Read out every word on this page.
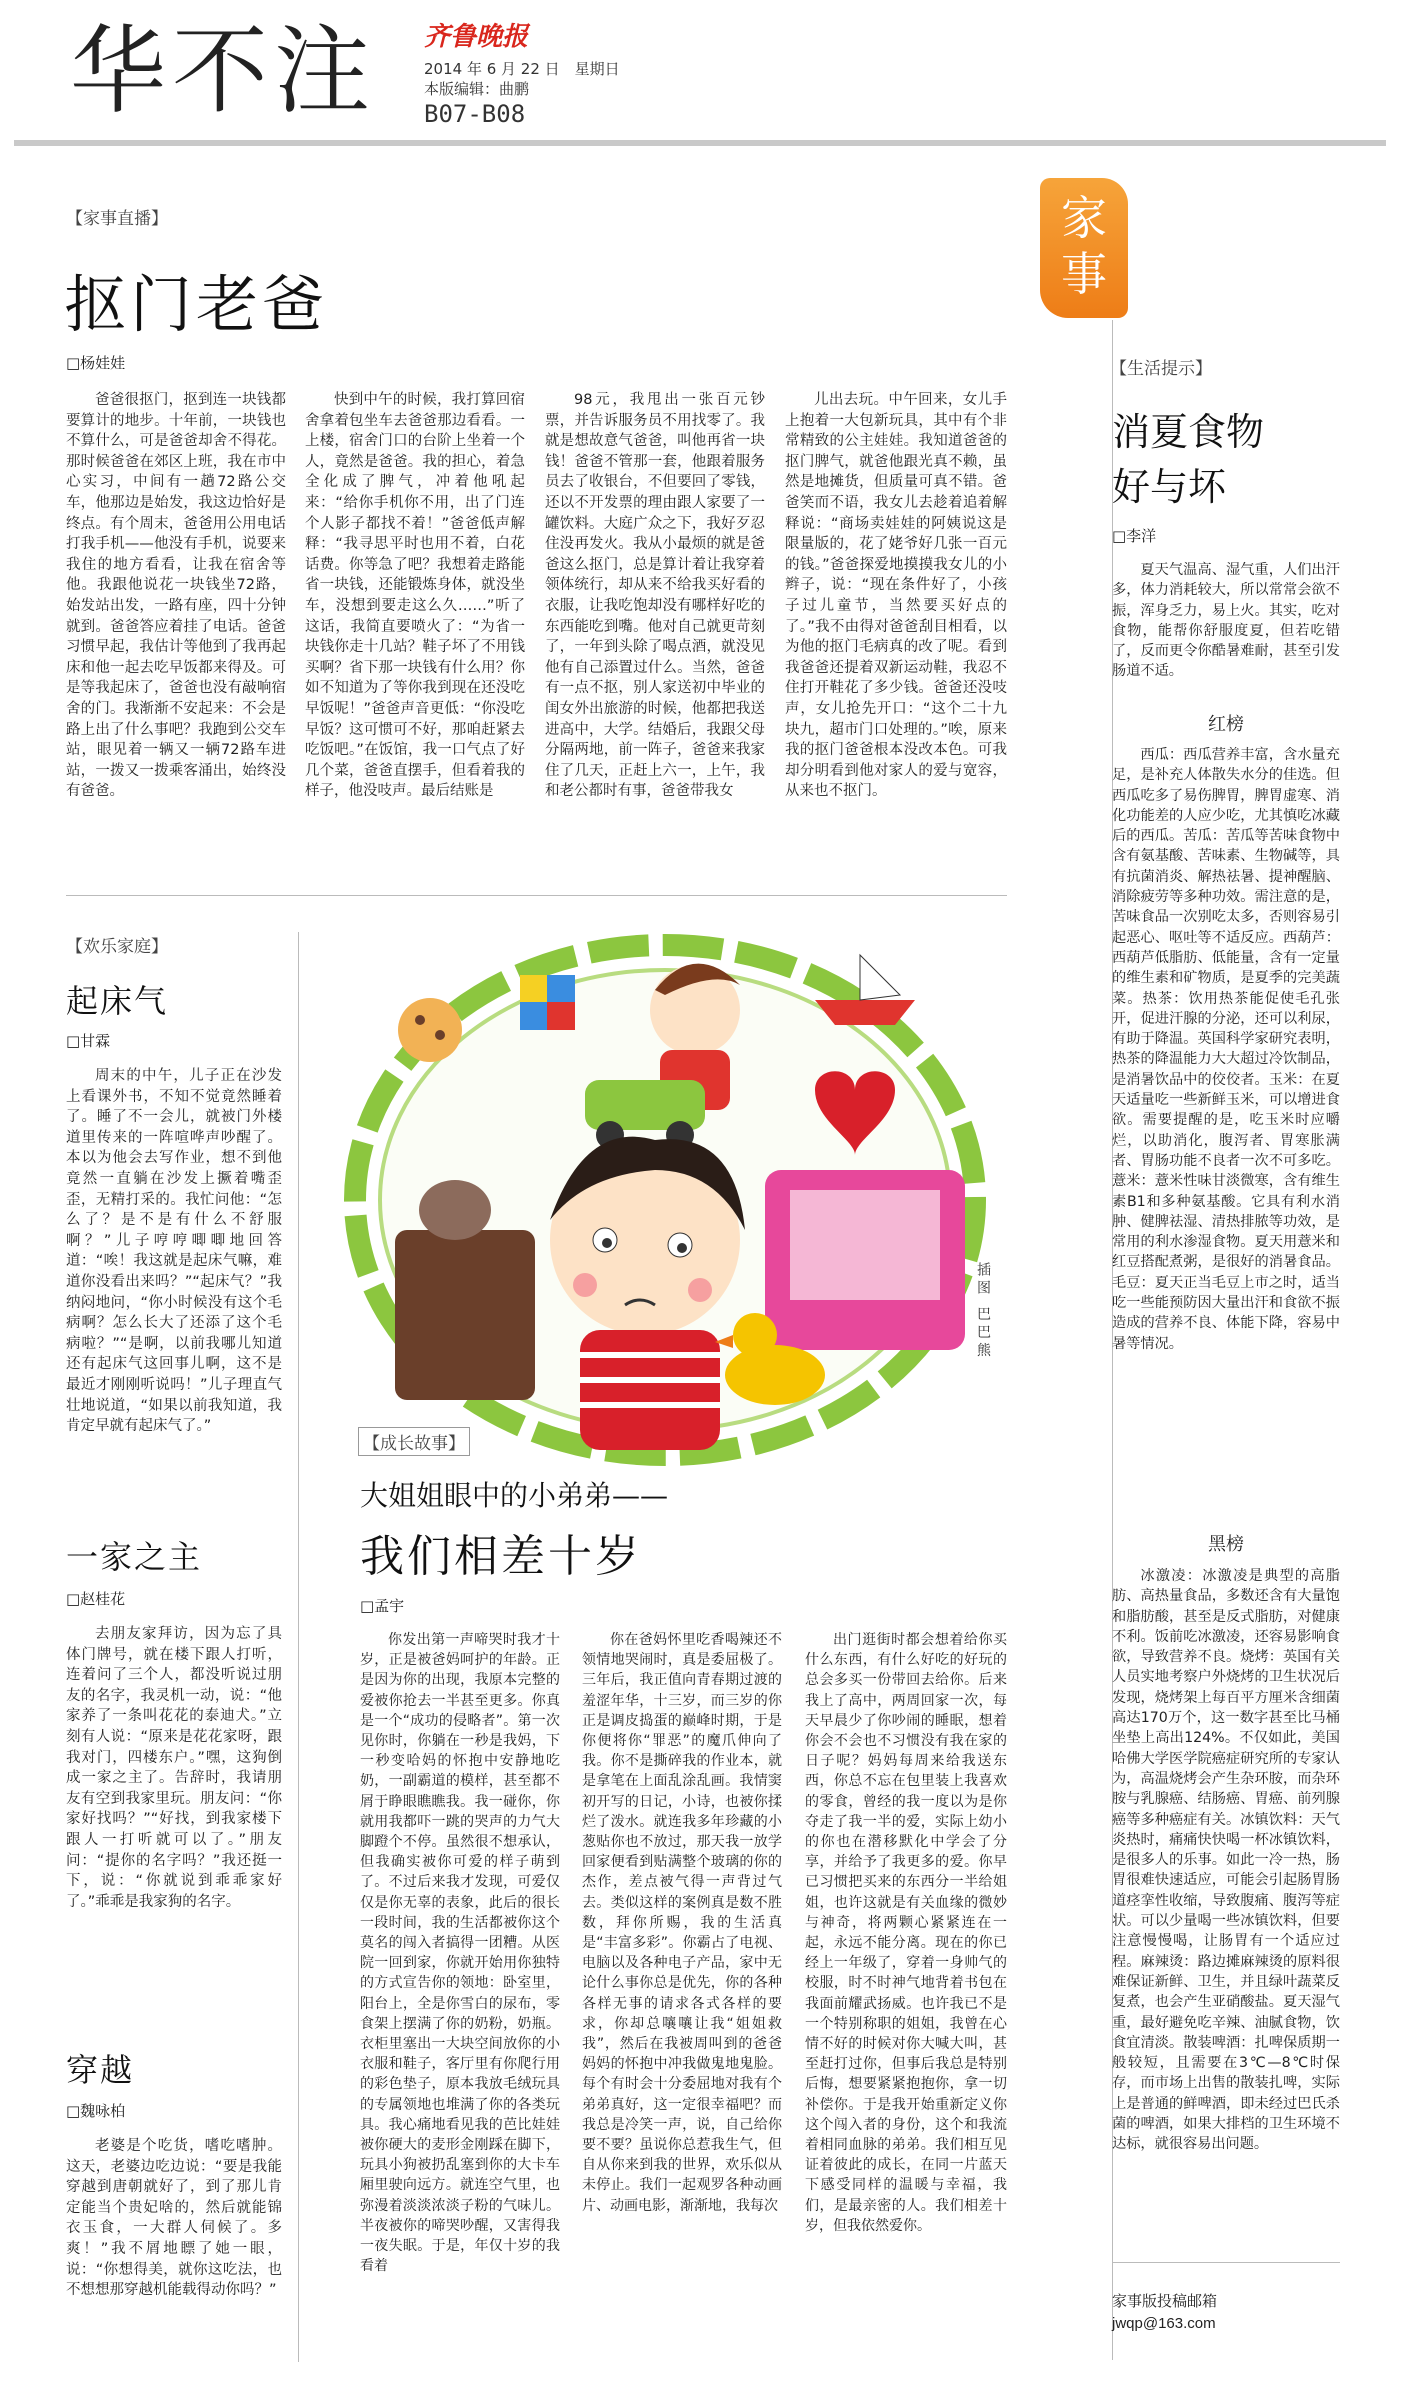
华不注 齐鲁晚报
2014 年 6 月 22 日　星期日
本版编辑：曲鹏
B07-B08
【家事直播】
抠门老爸
□杨娃娃
爸爸很抠门，抠到连一块钱都要算计的地步。十年前，一块钱也不算什么，可是爸爸却舍不得花。那时候爸爸在郊区上班，我在市中心实习，中间有一趟72路公交车，他那边是始发，我这边恰好是终点。有个周末，爸爸用公用电话打我手机——他没有手机，说要来我住的地方看看，让我在宿舍等他。我跟他说花一块钱坐72路，始发站出发，一路有座，四十分钟就到。爸爸答应着挂了电话。爸爸习惯早起，我估计等他到了我再起床和他一起去吃早饭都来得及。可是等我起床了，爸爸也没有敲响宿舍的门。我渐渐不安起来：不会是路上出了什么事吧？我跑到公交车站，眼见着一辆又一辆72路车进站，一拨又一拨乘客涌出，始终没有爸爸。
快到中午的时候，我打算回宿舍拿着包坐车去爸爸那边看看。一上楼，宿舍门口的台阶上坐着一个人，竟然是爸爸。我的担心，着急全化成了脾气，冲着他吼起来：“给你手机你不用，出了门连个人影子都找不着！”爸爸低声解释：“我寻思平时也用不着，白花话费。你等急了吧？我想着走路能省一块钱，还能锻炼身体，就没坐车，没想到要走这么久……”听了这话，我简直要喷火了：“为省一块钱你走十几站？鞋子坏了不用钱买啊？省下那一块钱有什么用？你如不知道为了等你我到现在还没吃早饭呢！”爸爸声音更低：“你没吃早饭？这可惯可不好，那咱赶紧去吃饭吧。”在饭馆，我一口气点了好几个菜，爸爸直摆手，但看着我的样子，他没吱声。最后结账是
98元，我甩出一张百元钞票，并告诉服务员不用找零了。我就是想故意气爸爸，叫他再省一块钱！爸爸不管那一套，他跟着服务员去了收银台，不但要回了零钱，还以不开发票的理由跟人家要了一罐饮料。大庭广众之下，我好歹忍住没再发火。我从小最烦的就是爸爸这么抠门，总是算计着让我穿着领体统行，却从来不给我买好看的衣服，让我吃饱却没有哪样好吃的东西能吃到嘴。他对自己就更苛刻了，一年到头除了喝点酒，就没见他有自己添置过什么。当然，爸爸有一点不抠，别人家送初中毕业的闺女外出旅游的时候，他都把我送进高中，大学。结婚后，我跟父母分隔两地，前一阵子，爸爸来我家住了几天，正赶上六一，上午，我和老公都时有事，爸爸带我女
儿出去玩。中午回来，女儿手上抱着一大包新玩具，其中有个非常精致的公主娃娃。我知道爸爸的抠门脾气，就爸他跟光真不赖，虽然是地摊货，但质量可真不错。爸爸笑而不语，我女儿去趁着追着解释说：“商场卖娃娃的阿姨说这是限量版的，花了姥爷好几张一百元的钱。”爸爸探爱地摸摸我女儿的小辫子，说：“现在条件好了，小孩子过儿童节，当然要买好点的了。”我不由得对爸爸刮目相看，以为他的抠门毛病真的改了呢。看到我爸爸还提着双新运动鞋，我忍不住打开鞋花了多少钱。爸爸还没吱声，女儿抢先开口：“这个二十九块九，超市门口处理的。”唉，原来我的抠门爸爸根本没改本色。可我却分明看到他对家人的爱与宽容，从来也不抠门。
【欢乐家庭】
起床气
□甘霖
周末的中午，儿子正在沙发上看课外书，不知不觉竟然睡着了。睡了不一会儿，就被门外楼道里传来的一阵喧哗声吵醒了。本以为他会去写作业，想不到他竟然一直躺在沙发上撅着嘴歪歪，无精打采的。我忙问他：“怎么了？是不是有什么不舒服啊？”儿子哼哼唧唧地回答道：“唉！我这就是起床气嘛，难道你没看出来吗？”“起床气？”我纳闷地问，“你小时候没有这个毛病啊？怎么长大了还添了这个毛病啦？”“是啊，以前我哪儿知道还有起床气这回事儿啊，这不是最近才刚刚听说吗！”儿子理直气壮地说道，“如果以前我知道，我肯定早就有起床气了。”
一家之主
□赵桂花
去朋友家拜访，因为忘了具体门牌号，就在楼下跟人打听，连着问了三个人，都没听说过朋友的名字，我灵机一动，说：“他家养了一条叫花花的泰迪犬。”立刻有人说：“原来是花花家呀，跟我对门，四楼东户。”嘿，这狗倒成一家之主了。告辞时，我请朋友有空到我家里玩。朋友问：“你家好找吗？”“好找，到我家楼下跟人一打听就可以了。”朋友问：“提你的名字吗？”我还挺一下，说：“你就说到乖乖家好了。”乖乖是我家狗的名字。
穿越
□魏咏柏
老婆是个吃货，嗜吃嗜肿。这天，老婆边吃边说：“要是我能穿越到唐朝就好了，到了那儿肯定能当个贵妃啥的，然后就能锦衣玉食，一大群人伺候了。多爽！”我不屑地瞟了她一眼，说：“你想得美，就你这吃法，也不想想那穿越机能载得动你吗？”
插图 巴巴熊
【成长故事】
大姐姐眼中的小弟弟——
我们相差十岁
□孟宇
你发出第一声啼哭时我才十岁，正是被爸妈呵护的年龄。正是因为你的出现，我原本完整的爱被你抢去一半甚至更多。你真是一个“成功的侵略者”。第一次见你时，你躺在一秒是我妈，下一秒变哈妈的怀抱中安静地吃奶，一副霸道的模样，甚至都不屑于睁眼瞧瞧我。我一碰你，你就用我都吓一跳的哭声的力气大脚蹬个不停。虽然很不想承认，但我确实被你可爱的样子萌到了。不过后来我才发现，可爱仅仅是你无辜的表象，此后的很长一段时间，我的生活都被你这个莫名的闯入者搞得一团糟。从医院一回到家，你就开始用你独特的方式宣告你的领地：卧室里，阳台上，全是你雪白的尿布，零食架上摆满了你的奶粉，奶瓶。衣柜里塞出一大块空间放你的小衣服和鞋子，客厅里有你爬行用的彩色垫子，原本我放毛绒玩具的专属领地也堆满了你的各类玩具。我心痛地看见我的芭比娃娃被你硬大的麦形金刚踩在脚下，玩具小狗被扔乱塞到你的大卡车厢里驶向远方。就连空气里，也弥漫着淡淡浓淡子粉的气味儿。半夜被你的啼哭吵醒，又害得我一夜失眠。于是，年仅十岁的我看着
你在爸妈怀里吃香喝辣还不领情地哭闹时，真是委屈极了。三年后，我正值向青春期过渡的羞涩年华，十三岁，而三岁的你正是调皮捣蛋的巅峰时期，于是你便将你“罪恶”的魔爪伸向了我。你不是撕碎我的作业本，就是拿笔在上面乱涂乱画。我情窦初开写的日记，小诗，也被你揉烂了泼水。就连我多年珍藏的小葱贴你也不放过，那天我一放学回家便看到贴满整个玻璃的你的杰作，差点被气得一声背过气去。类似这样的案例真是数不胜数，拜你所赐，我的生活真是“丰富多彩”。你霸占了电视、电脑以及各种电子产品，家中无论什么事你总是优先，你的各种各样无事的请求各式各样的要求，你却总嚷嚷让我“姐姐救我”，然后在我被周叫到的爸爸妈妈的怀抱中冲我做鬼地鬼脸。每个有时会十分委屈地对我有个弟弟真好，这一定很幸福吧？而我总是冷笑一声，说，自己给你要不要？虽说你总惹我生气，但自从你来到我的世界，欢乐似从未停止。我们一起观罗各种动画片、动画电影，渐渐地，我每次
出门逛街时都会想着给你买什么东西，有什么好吃的好玩的总会多买一份带回去给你。后来我上了高中，两周回家一次，每天早晨少了你吵闹的睡眠，想着你会不会也不习惯没有我在家的日子呢？妈妈每周来给我送东西，你总不忘在包里装上我喜欢的零食，曾经的我一度以为是你夺走了我一半的爱，实际上幼小的你也在潜移默化中学会了分享，并给予了我更多的爱。你早已习惯把买来的东西分一半给姐姐，也许这就是有关血缘的微妙与神奇，将两颗心紧紧连在一起，永远不能分离。现在的你已经上一年级了，穿着一身帅气的校服，时不时神气地背着书包在我面前耀武扬威。也许我已不是一个特别称职的姐姐，我曾在心情不好的时候对你大喊大叫，甚至赶打过你，但事后我总是特别后悔，想要紧紧抱抱你，拿一切补偿你。于是我开始重新定义你这个闯入者的身份，这个和我流着相同血脉的弟弟。我们相互见证着彼此的成长，在同一片蓝天下感受同样的温暖与幸福，我们，是最亲密的人。我们相差十岁，但我依然爱你。
家事
【生活提示】
消夏食物
好与坏
□李洋
夏天气温高、湿气重，人们出汗多，体力消耗较大，所以常常会欲不振，浑身乏力，易上火。其实，吃对食物，能帮你舒服度夏，但若吃错了，反而更令你酷暑难耐，甚至引发肠道不适。
红榜
西瓜：西瓜营养丰富，含水量充足，是补充人体散失水分的佳选。但西瓜吃多了易伤脾胃，脾胃虚寒、消化功能差的人应少吃，尤其慎吃冰藏后的西瓜。苦瓜：苦瓜等苦味食物中含有氨基酸、苦味素、生物碱等，具有抗菌消炎、解热祛暑、提神醒脑、消除疲劳等多种功效。需注意的是，苦味食品一次别吃太多，否则容易引起恶心、呕吐等不适反应。西葫芦：西葫芦低脂肪、低能量，含有一定量的维生素和矿物质，是夏季的完美蔬菜。热茶：饮用热茶能促使毛孔张开，促进汗腺的分泌，还可以利尿，有助于降温。英国科学家研究表明，热茶的降温能力大大超过冷饮制品，是消暑饮品中的佼佼者。玉米：在夏天适量吃一些新鲜玉米，可以增进食欲。需要提醒的是，吃玉米时应嚼烂，以助消化，腹泻者、胃寒胀满者、胃肠功能不良者一次不可多吃。薏米：薏米性味甘淡微寒，含有维生素B1和多种氨基酸。它具有利水消肿、健脾祛湿、清热排脓等功效，是常用的利水渗湿食物。夏天用薏米和红豆搭配煮粥，是很好的消暑食品。毛豆：夏天正当毛豆上市之时，适当吃一些能预防因大量出汗和食欲不振造成的营养不良、体能下降，容易中暑等情况。
黑榜
冰激凌：冰激凌是典型的高脂肪、高热量食品，多数还含有大量饱和脂肪酸，甚至是反式脂肪，对健康不利。饭前吃冰激凌，还容易影响食欲，导致营养不良。烧烤：英国有关人员实地考察户外烧烤的卫生状况后发现，烧烤架上每百平方厘米含细菌高达170万个，这一数字甚至比马桶坐垫上高出124%。不仅如此，美国哈佛大学医学院癌症研究所的专家认为，高温烧烤会产生杂环胺，而杂环胺与乳腺癌、结肠癌、胃癌、前列腺癌等多种癌症有关。冰镇饮料：天气炎热时，痛痛快快喝一杯冰镇饮料，是很多人的乐事。如此一冷一热，肠胃很难快速适应，可能会引起肠胃肠道痉挛性收缩，导致腹痛、腹泻等症状。可以少量喝一些冰镇饮料，但要注意慢慢喝，让肠胃有一个适应过程。麻辣烫：路边摊麻辣烫的原料很难保证新鲜、卫生，并且绿叶蔬菜反复煮，也会产生亚硝酸盐。夏天湿气重，最好避免吃辛辣、油腻食物，饮食宜清淡。散装啤酒：扎啤保质期一般较短，且需要在3℃—8℃时保存，而市场上出售的散装扎啤，实际上是普通的鲜啤酒，即未经过巴氏杀菌的啤酒，如果大排档的卫生环境不达标，就很容易出问题。
家事版投稿邮箱
jwqp@163.com
